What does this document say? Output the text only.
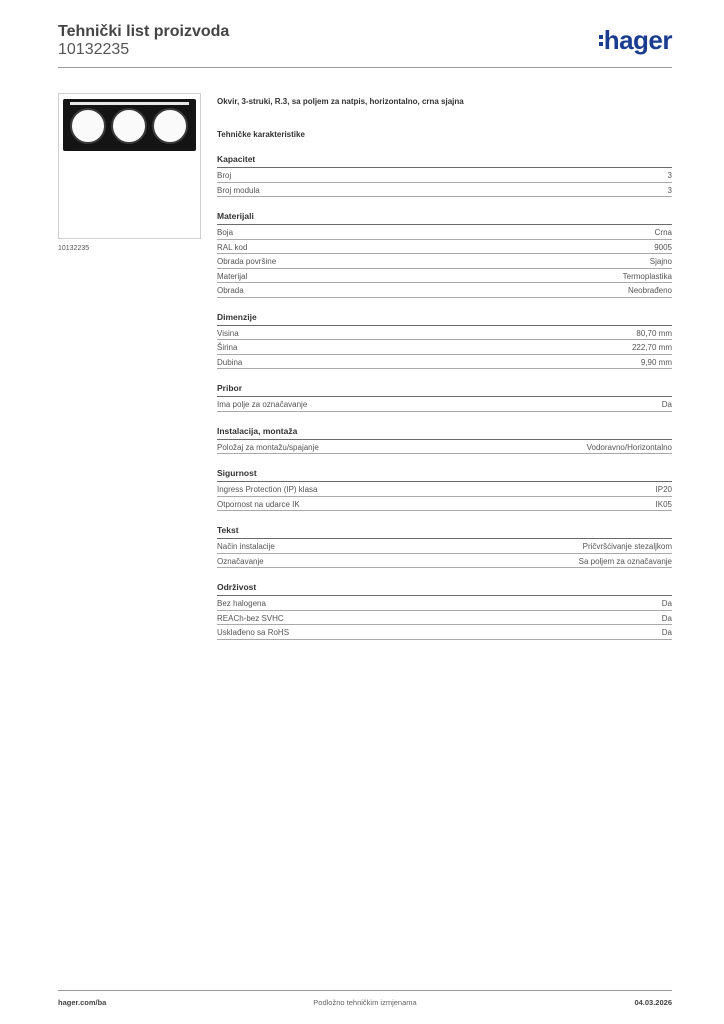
Tehnički list proizvoda
10132235	hager
10132235
Okvir, 3-struki, R.3, sa poljem za natpis, horizontalno, crna sjajna
Tehničke karakteristike
Kapacitet
Broj	3
Broj modula	3
Materijali
Boja	Crna
RAL kod	9005
Obrada površine	Sjajno
Materijal	Termoplastika
Obrada	Neobrađeno
Dimenzije
Visina	80,70 mm
Širina	222,70 mm
Dubina	9,90 mm
Pribor
Ima polje za označavanje	Da
Instalacija, montaža
Položaj za montažu/spajanje	Vodoravno/Horizontalno
Sigurnost
Ingress Protection (IP) klasa	IP20
Otpornost na udarce IK	IK05
Tekst
Način instalacije	Pričvršćivanje stezaljkom
Označavanje	Sa poljem za označavanje
Održivost
Bez halogena	Da
REACh-bez SVHC	Da
Usklađeno sa RoHS	Da
hager.com/ba	Podložno tehničkim izmjenama	04.03.2026
